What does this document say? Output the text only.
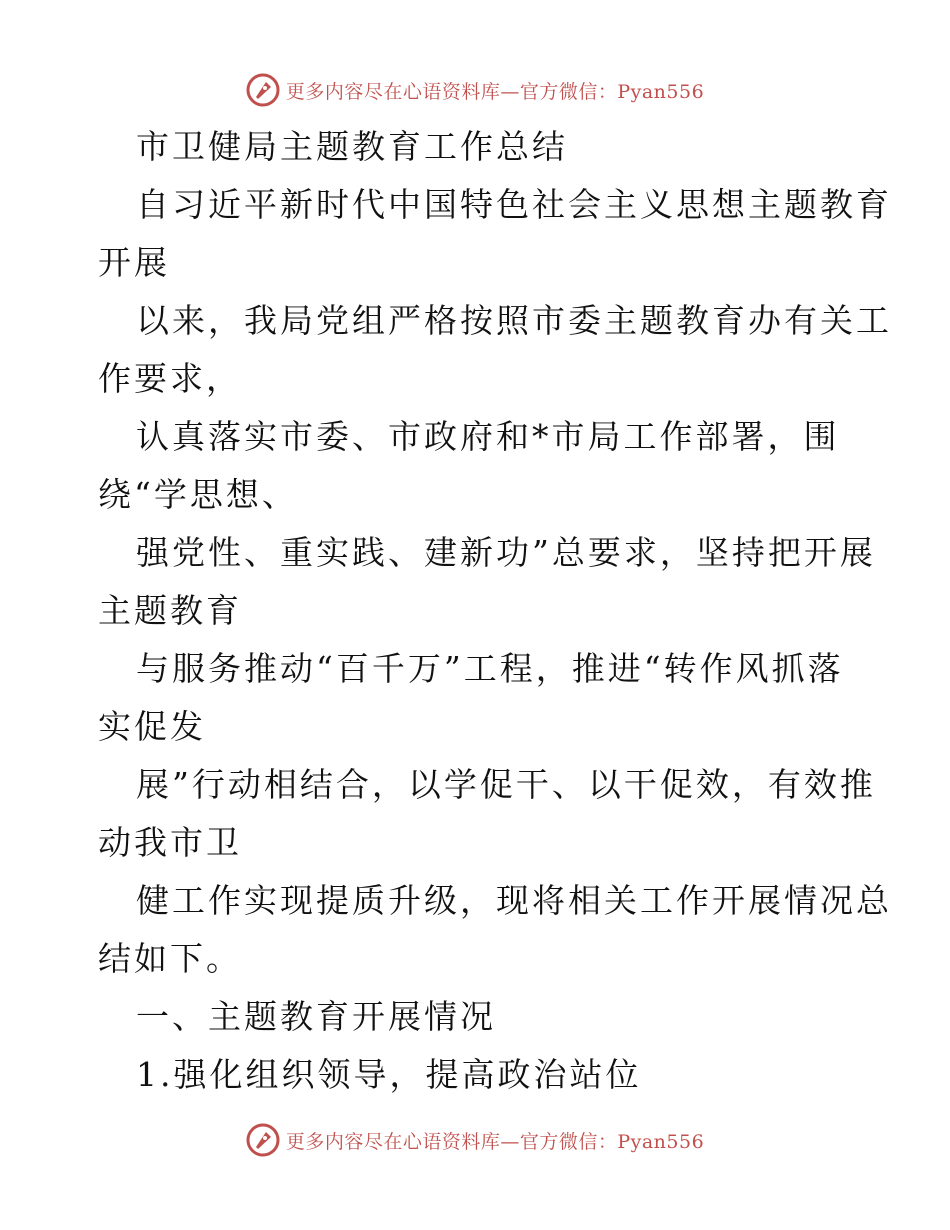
更多内容尽在心语资料库—官方微信：Pyan556
市卫健局主题教育工作总结
自习近平新时代中国特色社会主义思想主题教育
开展
以来，我局党组严格按照市委主题教育办有关工
作要求，
认真落实市委、市政府和*市局工作部署，围
绕“学思想、
强党性、重实践、建新功”总要求，坚持把开展
主题教育
与服务推动“百千万”工程，推进“转作风抓落
实促发
展”行动相结合，以学促干、以干促效，有效推
动我市卫
健工作实现提质升级，现将相关工作开展情况总
结如下。
一、主题教育开展情况
1.强化组织领导，提高政治站位
更多内容尽在心语资料库—官方微信：Pyan556
